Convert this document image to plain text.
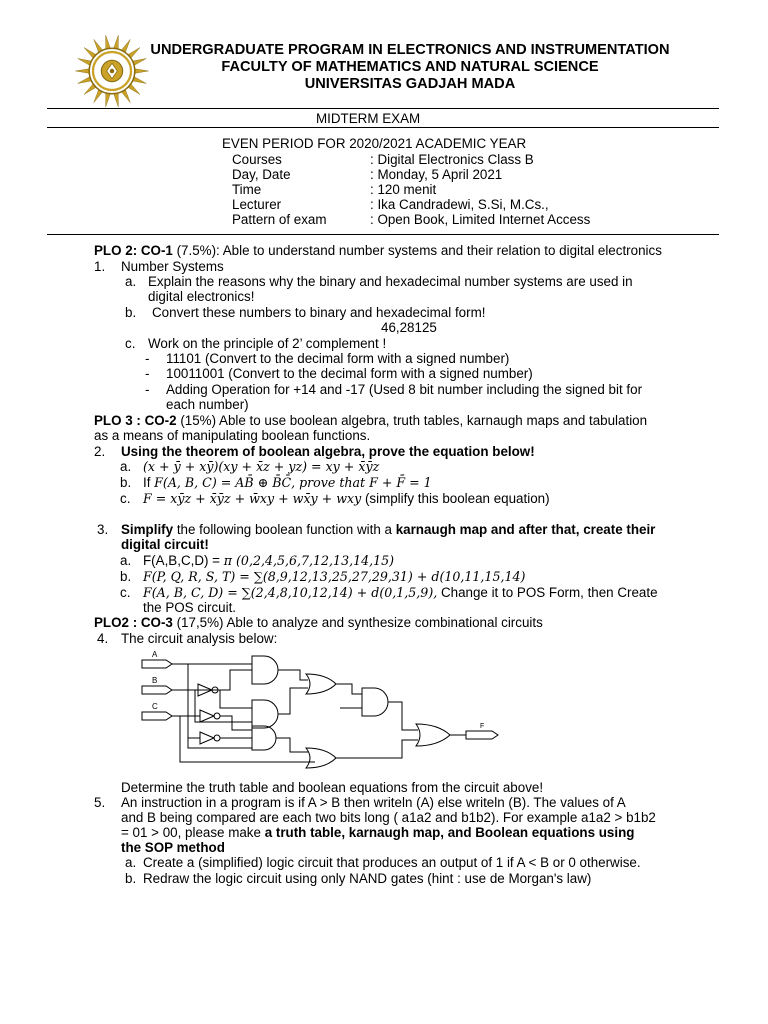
UNDERGRADUATE PROGRAM IN ELECTRONICS AND INSTRUMENTATION
FACULTY OF MATHEMATICS AND NATURAL SCIENCE
UNIVERSITAS GADJAH MADA
MIDTERM EXAM
EVEN PERIOD FOR 2020/2021 ACADEMIC YEAR
Courses	: Digital Electronics Class B
Day, Date	: Monday, 5 April 2021
Time	: 120 menit
Lecturer	: Ika Candradewi, S.Si, M.Cs.,
Pattern of exam	: Open Book, Limited Internet Access
PLO 2: CO-1 (7.5%): Able to understand number systems and their relation to digital electronics
1. Number Systems
a. Explain the reasons why the binary and hexadecimal number systems are used in
digital electronics!
b. Convert these numbers to binary and hexadecimal form!
46,28125
c. Work on the principle of 2’ complement !
- 11101 (Convert to the decimal form with a signed number)
- 10011001 (Convert to the decimal form with a signed number)
- Adding Operation for +14 and -17 (Used 8 bit number including the signed bit for
each number)
PLO 3 : CO-2 (15%) Able to use boolean algebra, truth tables, karnaugh maps and tabulation
as a means of manipulating boolean functions.
2. Using the theorem of boolean algebra, prove the equation below!
a. (x + ȳ + xȳ)(xy + x̄z + yz) = xy + x̄ȳz
b. If F(A, B, C) = AB̄ ⊕ B̄C̄, prove that F + F̄ = 1
c. F = xȳz + x̄ȳz + w̄xy + wx̄y + wxy (simplify this boolean equation)
3. Simplify the following boolean function with a karnaugh map and after that, create their
digital circuit!
a. F(A,B,C,D) = π (0,2,4,5,6,7,12,13,14,15)
b. F(P, Q, R, S, T) = ∑(8,9,12,13,25,27,29,31) + d(10,11,15,14)
c. F(A, B, C, D) = ∑(2,4,8,10,12,14) + d(0,1,5,9), Change it to POS Form, then Create
the POS circuit.
PLO2 : CO-3 (17,5%) Able to analyze and synthesize combinational circuits
4. The circuit analysis below:
A
B
C
F
Determine the truth table and boolean equations from the circuit above!
5. An instruction in a program is if A > B then writeln (A) else writeln (B). The values of A
and B being compared are each two bits long ( a1a2 and b1b2). For example a1a2 > b1b2
= 01 > 00, please make a truth table, karnaugh map, and Boolean equations using
the SOP method
a. Create a (simplified) logic circuit that produces an output of 1 if A < B or 0 otherwise.
b. Redraw the logic circuit using only NAND gates (hint : use de Morgan's law)
